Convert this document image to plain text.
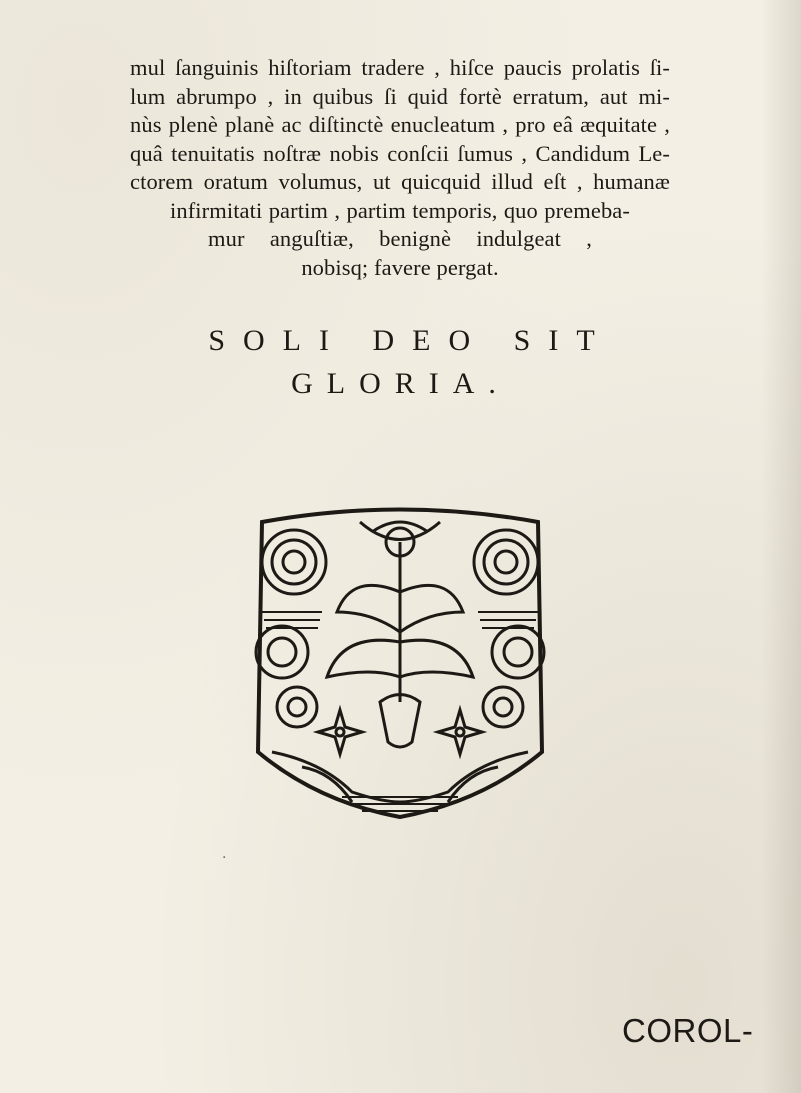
mul ſanguinis hiſtoriam tradere , hiſce paucis prolatis ſi-
lum abrumpo , in quibus ſi quid fortè erratum, aut mi-
nùs plenè planè ac diſtinctè enucleatum , pro eâ æquitate ,
quâ tenuitatis noſtræ nobis conſcii ſumus , Candidum Le-
ctorem oratum volumus, ut quicquid illud eſt , humanæ
infirmitati partim , partim temporis, quo premeba-
mur anguſtiæ, benignè indulgeat ,
nobisq; favere pergat.
SOLI DEO SIT
GLORIA.
·
COROL-
